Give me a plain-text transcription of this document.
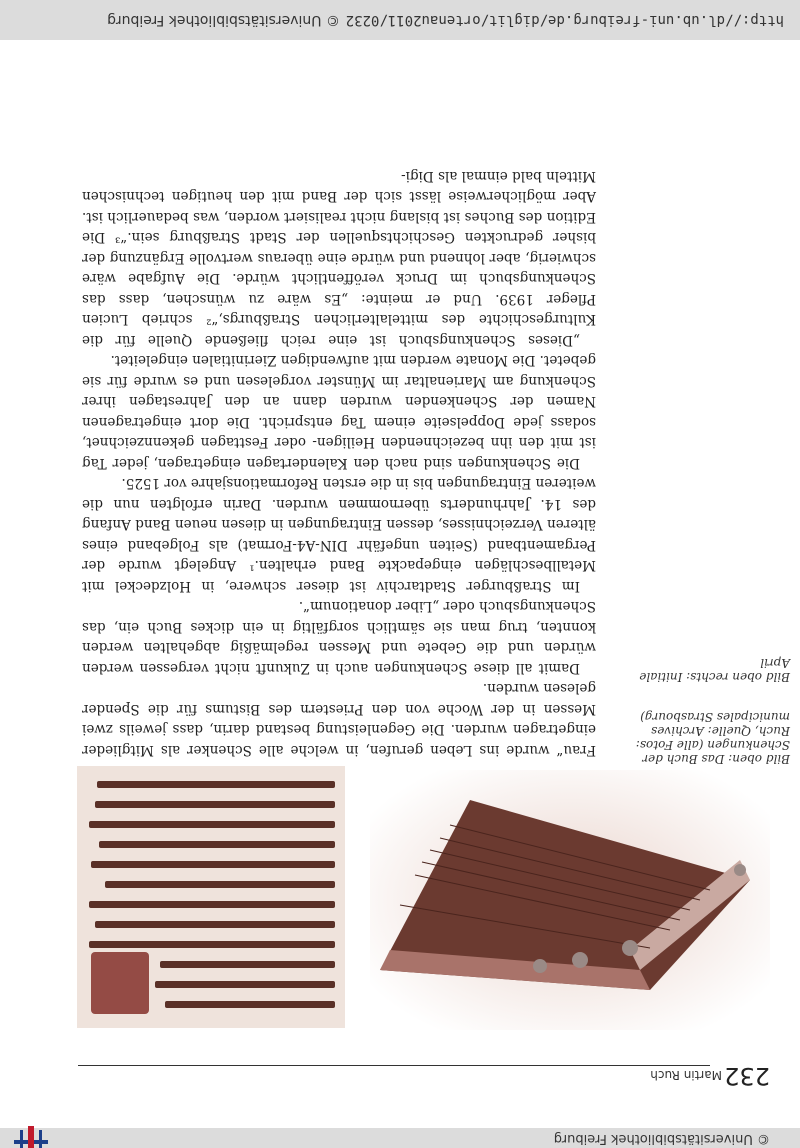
© Universitätsbibliothek Freiburg
232
Martin Ruch

Bild oben: Das Buch der Schenkungen (alle Fotos: Ruch, Quelle: Archives municipales Strasbourg)

Bild oben rechts: Initiale April

Frau“ wurde ins Leben gerufen, in welche alle Schenker als Mitglieder eingetragen wurden. Die Gegenleistung bestand darin, dass jeweils zwei Messen in der Woche von den Priestern des Bistums für die Spender gelesen wurden.

Damit all diese Schenkungen auch in Zukunft nicht vergessen werden würden und die Gebete und Messen regelmäßig abgehalten werden konnten, trug man sie sämtlich sorgfältig in ein dickes Buch ein, das Schenkungsbuch oder „Liber donationum“.

Im Straßburger Stadtarchiv ist dieser schwere, in Holzdeckel mit Metallbeschlägen eingepackte Band erhalten.¹ Angelegt wurde der Pergamentband (Seiten ungefähr DIN-A4-Format) als Folgeband eines älteren Verzeichnisses, dessen Eintragungen in diesen neuen Band Anfang des 14. Jahrhunderts übernommen wurden. Darin erfolgten nun die weiteren Eintragungen bis in die ersten Reformationsjahre vor 1525.

Die Schenkungen sind nach den Kalendertagen eingetragen, jeder Tag ist mit den ihn bezeichnenden Heiligen- oder Festtagen gekennzeichnet, sodass jede Doppelseite einem Tag entspricht. Die dort eingetragenen Namen der Schenkenden wurden dann an den Jahrestagen ihrer Schenkung am Marienaltar im Münster vorgelesen und es wurde für sie gebetet. Die Monate werden mit aufwendigen Zierinitialen eingeleitet.

„Dieses Schenkungsbuch ist eine reich fließende Quelle für die Kulturgeschichte des mittelalterlichen Straßburgs,“² schrieb Lucien Pfleger 1939. Und er meinte: „Es wäre zu wünschen, dass das Schenkungsbuch im Druck veröffentlicht würde. Die Aufgabe wäre schwierig, aber lohnend und würde eine überaus wertvolle Ergänzung der bisher gedruckten Geschichtsquellen der Stadt Straßburg sein.“³ Die Edition des Buches ist bislang nicht realisiert worden, was bedauerlich ist. Aber möglicherweise lässt sich der Band mit den heutigen technischen Mitteln bald einmal als Digi-

http://dl.ub.uni-freiburg.de/diglit/ortenau2011/0232
© Universitätsbibliothek Freiburg
